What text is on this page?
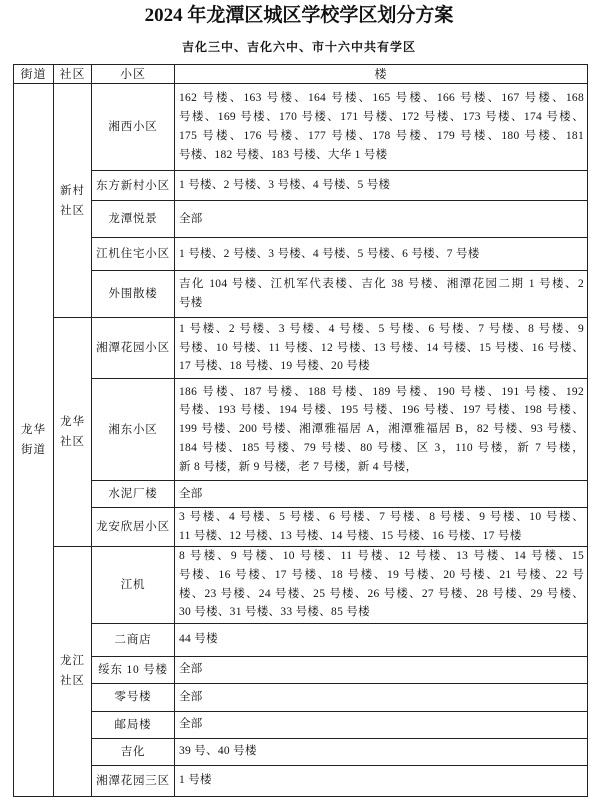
2024 年龙潭区城区学校学区划分方案
吉化三中、吉化六中、市十六中共有学区
街道	社区	小区	楼
龙华街道	新村社区	湘西小区	162 号楼、163 号楼、164 号楼、165 号楼、166 号楼、167 号楼、168
号楼、169 号楼、170 号楼、171 号楼、172 号楼、173 号楼、174 号楼、
175 号楼、176 号楼、177 号楼、178 号楼、179 号楼、180 号楼、181
号楼、182 号楼、183 号楼、大华 1 号楼

		东方新村小区	1 号楼、2 号楼、3 号楼、4 号楼、5 号楼

		龙潭悦景	全部

		江机住宅小区	1 号楼、2 号楼、3 号楼、4 号楼、5 号楼、6 号楼、7 号楼

		外围散楼	吉化 104 号楼、江机军代表楼、吉化 38 号楼、湘潭花园二期 1 号楼、2
号楼

	龙华社区	湘潭花园小区	1 号楼、2 号楼、3 号楼、4 号楼、5 号楼、6 号楼、7 号楼、8 号楼、9
号楼、10 号楼、11 号楼、12 号楼、13 号楼、14 号楼、15 号楼、16 号楼、
17 号楼、18 号楼、19 号楼、20 号楼

		湘东小区	186 号楼、187 号楼、188 号楼、189 号楼、190 号楼、191 号楼、192
号楼、193 号楼、194 号楼、195 号楼、196 号楼、197 号楼、198 号楼、
199 号楼、200 号楼、湘潭雅福居 A，湘潭雅福居 B，82 号楼、93 号楼、
184 号楼、185 号楼、79 号楼、80 号楼、区 3，110 号楼，新 7 号楼，
新 8 号楼，新 9 号楼，老 7 号楼，新 4 号楼，

		水泥厂楼	全部

		龙安欣居小区	3 号楼、4 号楼、5 号楼、6 号楼、7 号楼、8 号楼、9 号楼、10 号楼、
11 号楼、12 号楼、13 号楼、14 号楼、15 号楼、16 号楼、17 号楼

	龙江社区	江机	8 号楼、9 号楼、10 号楼、11 号楼、12 号楼、13 号楼、14 号楼、15
号楼、16 号楼、17 号楼、18 号楼、19 号楼、20 号楼、21 号楼、22 号
楼、23 号楼、24 号楼、25 号楼、26 号楼、27 号楼、28 号楼、29 号楼、
30 号楼、31 号楼、33 号楼、85 号楼

		二商店	44 号楼

		绥东 10 号楼	全部

		零号楼	全部

		邮局楼	全部

		吉化	39 号、40 号楼

		湘潭花园三区	1 号楼
